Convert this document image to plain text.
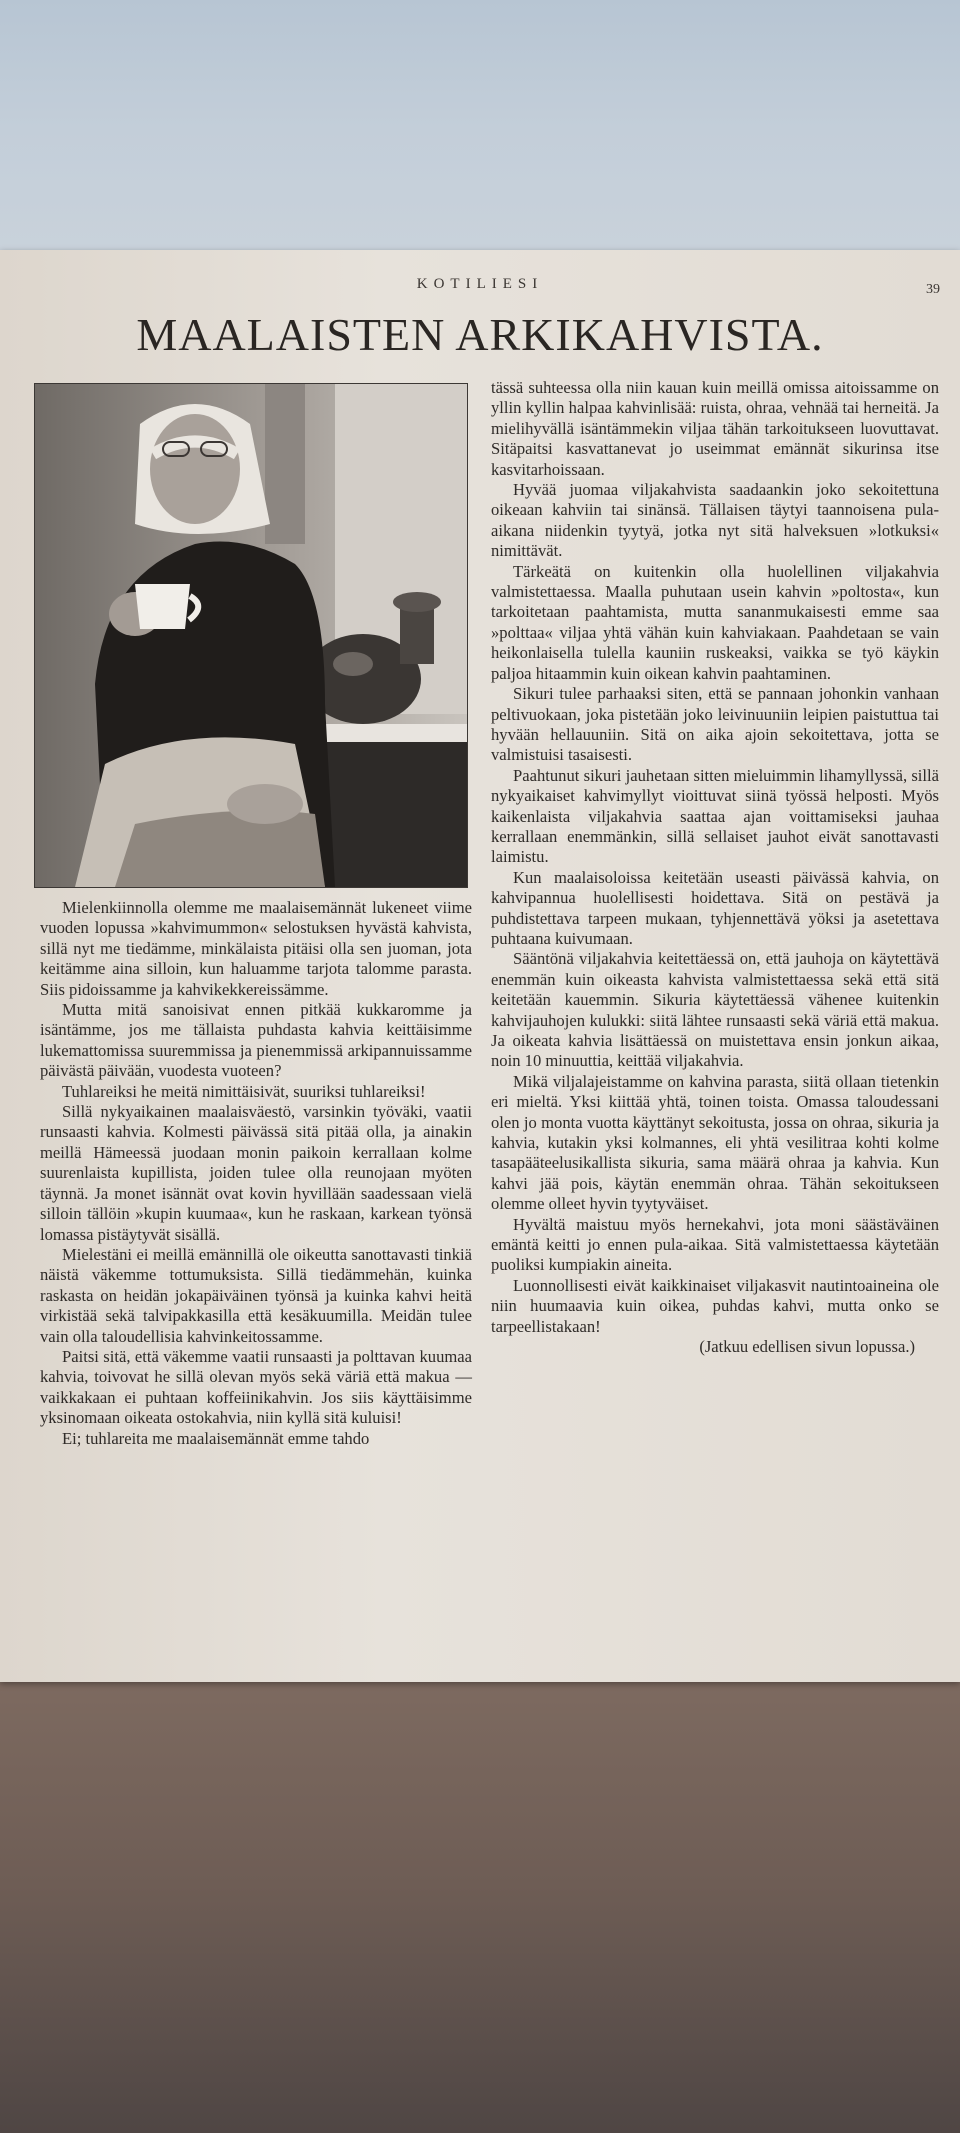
KOTILIESI	39
MAALAISTEN ARKIKAHVISTA.

Mielenkiinnolla olemme me maalaisemännät lukeneet viime vuoden lopussa »kahvimummon« selostuksen hyvästä kahvista, sillä nyt me tiedämme, minkälaista pitäisi olla sen juoman, jota keitämme aina silloin, kun haluamme tarjota talomme parasta. Siis pidoissamme ja kahvikekkereissämme.

Mutta mitä sanoisivat ennen pitkää kukkaromme ja isäntämme, jos me tällaista puhdasta kahvia keittäisimme lukemattomissa suuremmissa ja pienemmissä arkipannuissamme päivästä päivään, vuodesta vuoteen?

Tuhlareiksi he meitä nimittäisivät, suuriksi tuhlareiksi!

Sillä nykyaikainen maalaisväestö, varsinkin työväki, vaatii runsaasti kahvia. Kolmesti päivässä sitä pitää olla, ja ainakin meillä Hämeessä juodaan monin paikoin kerrallaan kolme suurenlaista kupillista, joiden tulee olla reunojaan myöten täynnä. Ja monet isännät ovat kovin hyvillään saadessaan vielä silloin tällöin »kupin kuumaa«, kun he raskaan, karkean työnsä lomassa pistäytyvät sisällä.

Mielestäni ei meillä emännillä ole oikeutta sanottavasti tinkiä näistä väkemme tottumuksista. Sillä tiedämmehän, kuinka raskasta on heidän jokapäiväinen työnsä ja kuinka kahvi heitä virkistää sekä talvipakkasilla että kesäkuumilla. Meidän tulee vain olla taloudellisia kahvinkeitossamme.

Paitsi sitä, että väkemme vaatii runsaasti ja polttavan kuumaa kahvia, toivovat he sillä olevan myös sekä väriä että makua — vaikkakaan ei puhtaan koffeiinikahvin. Jos siis käyttäisimme yksinomaan oikeata ostokahvia, niin kyllä sitä kuluisi!

Ei; tuhlareita me maalaisemännät emme tahdo

tässä suhteessa olla niin kauan kuin meillä omissa aitoissamme on yllin kyllin halpaa kahvinlisää: ruista, ohraa, vehnää tai herneitä. Ja mielihyvällä isäntämmekin viljaa tähän tarkoitukseen luovuttavat. Sitäpaitsi kasvattanevat jo useimmat emännät sikurinsa itse kasvitarhoissaan.

Hyvää juomaa viljakahvista saadaankin joko sekoitettuna oikeaan kahviin tai sinänsä. Tällaisen täytyi taannoisena pula-aikana niidenkin tyytyä, jotka nyt sitä halveksuen »lotkuksi« nimittävät.

Tärkeätä on kuitenkin olla huolellinen viljakahvia valmistettaessa. Maalla puhutaan usein kahvin »poltosta«, kun tarkoitetaan paahtamista, mutta sananmukaisesti emme saa »polttaa« viljaa yhtä vähän kuin kahviakaan. Paahdetaan se vain heikonlaisella tulella kauniin ruskeaksi, vaikka se työ käykin paljoa hitaammin kuin oikean kahvin paahtaminen.

Sikuri tulee parhaaksi siten, että se pannaan johonkin vanhaan peltivuokaan, joka pistetään joko leivinuuniin leipien paistuttua tai hyvään hellauuniin. Sitä on aika ajoin sekoitettava, jotta se valmistuisi tasaisesti.

Paahtunut sikuri jauhetaan sitten mieluimmin lihamyllyssä, sillä nykyaikaiset kahvimyllyt vioittuvat siinä työssä helposti. Myös kaikenlaista viljakahvia saattaa ajan voittamiseksi jauhaa kerrallaan enemmänkin, sillä sellaiset jauhot eivät sanottavasti laimistu.

Kun maalaisoloissa keitetään useasti päivässä kahvia, on kahvipannua huolellisesti hoidettava. Sitä on pestävä ja puhdistettava tarpeen mukaan, tyhjennettävä yöksi ja asetettava puhtaana kuivumaan.

Sääntönä viljakahvia keitettäessä on, että jauhoja on käytettävä enemmän kuin oikeasta kahvista valmistettaessa sekä että sitä keitetään kauemmin. Sikuria käytettäessä vähenee kuitenkin kahvijauhojen kulukki: siitä lähtee runsaasti sekä väriä että makua. Ja oikeata kahvia lisättäessä on muistettava ensin jonkun aikaa, noin 10 minuuttia, keittää viljakahvia.

Mikä viljalajeistamme on kahvina parasta, siitä ollaan tietenkin eri mieltä. Yksi kiittää yhtä, toinen toista. Omassa taloudessani olen jo monta vuotta käyttänyt sekoitusta, jossa on ohraa, sikuria ja kahvia, kutakin yksi kolmannes, eli yhtä vesilitraa kohti kolme tasapääteelusikallista sikuria, sama määrä ohraa ja kahvia. Kun kahvi jää pois, käytän enemmän ohraa. Tähän sekoitukseen olemme olleet hyvin tyytyväiset.

Hyvältä maistuu myös hernekahvi, jota moni säästäväinen emäntä keitti jo ennen pula-aikaa. Sitä valmistettaessa käytetään puoliksi kumpiakin aineita.

Luonnollisesti eivät kaikkinaiset viljakasvit nautintoaineina ole niin huumaavia kuin oikea, puhdas kahvi, mutta onko se tarpeellistakaan!

(Jatkuu edellisen sivun lopussa.)
